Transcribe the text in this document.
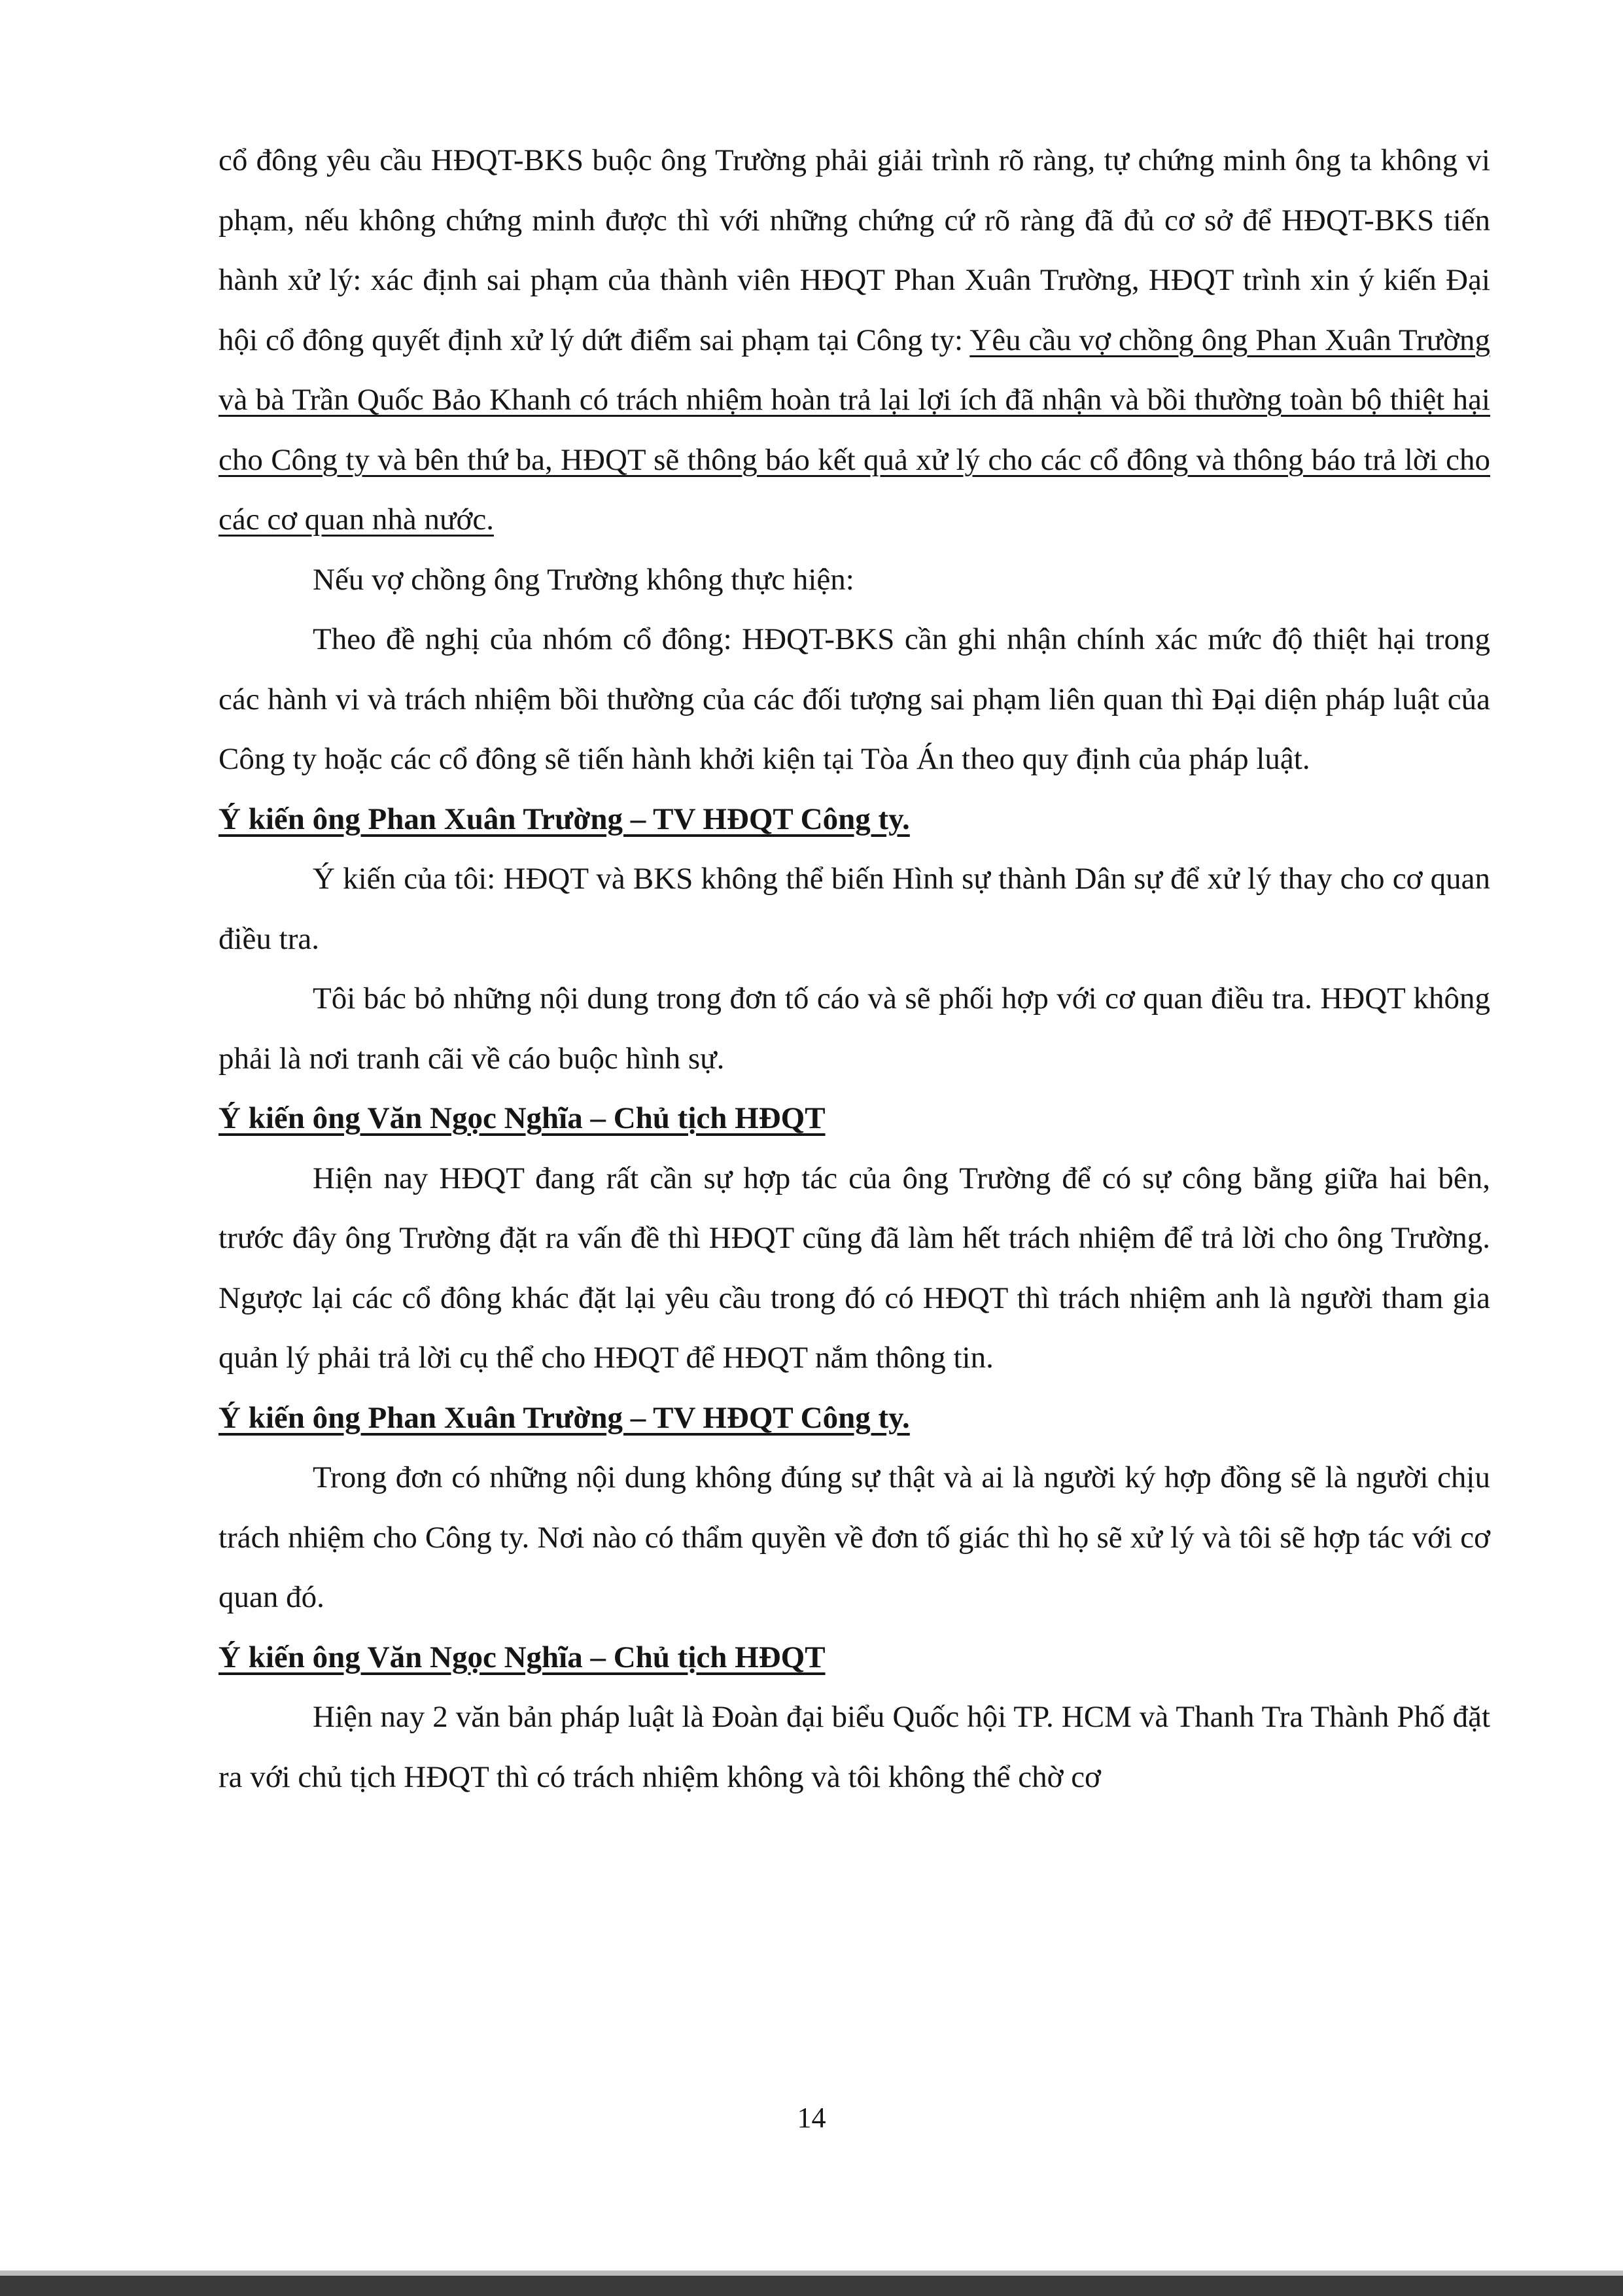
cổ đông yêu cầu HĐQT-BKS buộc ông Trường phải giải trình rõ ràng, tự chứng minh ông ta không vi phạm, nếu không chứng minh được thì với những chứng cứ rõ ràng đã đủ cơ sở để HĐQT-BKS tiến hành xử lý: xác định sai phạm của thành viên HĐQT Phan Xuân Trường, HĐQT trình xin ý kiến Đại hội cổ đông quyết định xử lý dứt điểm sai phạm tại Công ty: Yêu cầu vợ chồng ông Phan Xuân Trường và bà Trần Quốc Bảo Khanh có trách nhiệm hoàn trả lại lợi ích đã nhận và bồi thường toàn bộ thiệt hại cho Công ty và bên thứ ba, HĐQT sẽ thông báo kết quả xử lý cho các cổ đông và thông báo trả lời cho các cơ quan nhà nước.

Nếu vợ chồng ông Trường không thực hiện:

Theo đề nghị của nhóm cổ đông: HĐQT-BKS cần ghi nhận chính xác mức độ thiệt hại trong các hành vi và trách nhiệm bồi thường của các đối tượng sai phạm liên quan thì Đại diện pháp luật của Công ty hoặc các cổ đông sẽ tiến hành khởi kiện tại Tòa Án theo quy định của pháp luật.

Ý kiến ông Phan Xuân Trường – TV HĐQT Công ty.

Ý kiến của tôi: HĐQT và BKS không thể biến Hình sự thành Dân sự để xử lý thay cho cơ quan điều tra.

Tôi bác bỏ những nội dung trong đơn tố cáo và sẽ phối hợp với cơ quan điều tra. HĐQT không phải là nơi tranh cãi về cáo buộc hình sự.

Ý kiến ông Văn Ngọc Nghĩa – Chủ tịch HĐQT

Hiện nay HĐQT đang rất cần sự hợp tác của ông Trường để có sự công bằng giữa hai bên, trước đây ông Trường đặt ra vấn đề thì HĐQT cũng đã làm hết trách nhiệm để trả lời cho ông Trường. Ngược lại các cổ đông khác đặt lại yêu cầu trong đó có HĐQT thì trách nhiệm anh là người tham gia quản lý phải trả lời cụ thể cho HĐQT để HĐQT nắm thông tin.

Ý kiến ông Phan Xuân Trường – TV HĐQT Công ty.

Trong đơn có những nội dung không đúng sự thật và ai là người ký hợp đồng sẽ là người chịu trách nhiệm cho Công ty. Nơi nào có thẩm quyền về đơn tố giác thì họ sẽ xử lý và tôi sẽ hợp tác với cơ quan đó.

Ý kiến ông Văn Ngọc Nghĩa – Chủ tịch HĐQT

Hiện nay 2 văn bản pháp luật là Đoàn đại biểu Quốc hội TP. HCM và Thanh Tra Thành Phố đặt ra với chủ tịch HĐQT thì có trách nhiệm không và tôi không thể chờ cơ

14
